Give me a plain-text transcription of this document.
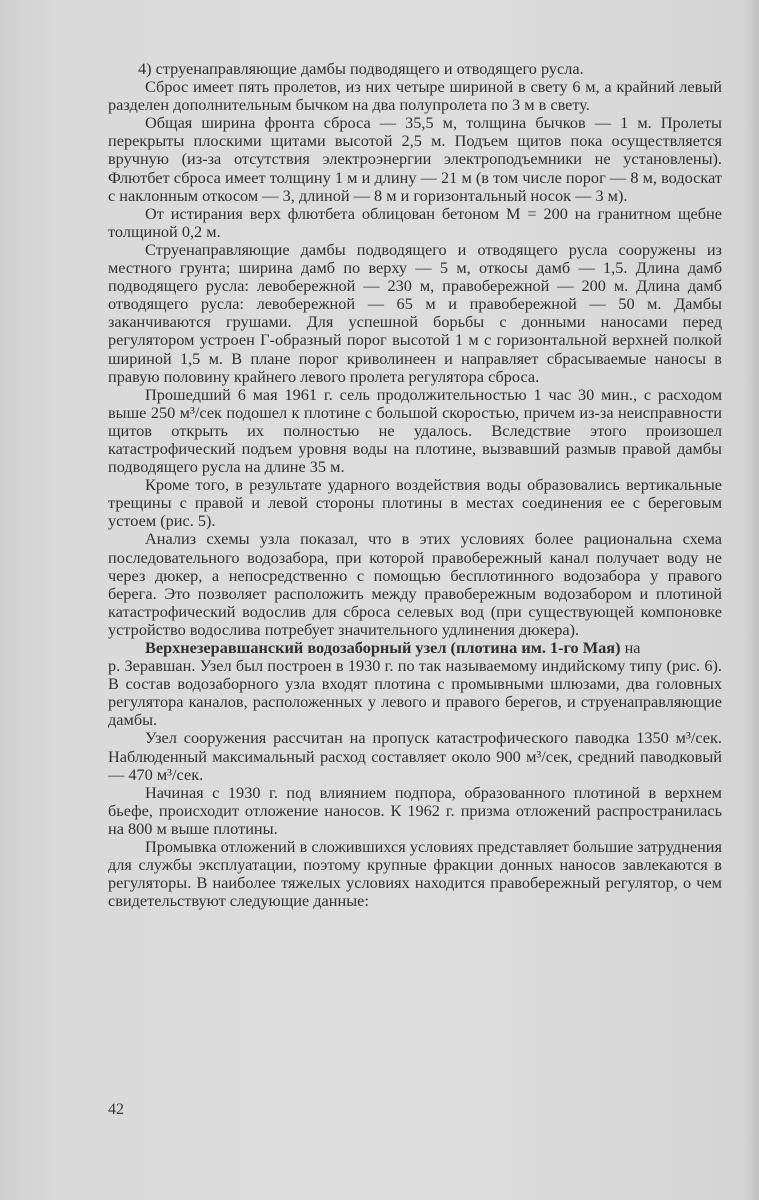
4) струенаправляющие дамбы подводящего и отводящего русла.

Сброс имеет пять пролетов, из них четыре шириной в свету 6 м, а крайний левый разделен дополнительным бычком на два полупролета по 3 м в свету.

Общая ширина фронта сброса — 35,5 м, толщина бычков — 1 м. Пролеты перекрыты плоскими щитами высотой 2,5 м. Подъем щитов пока осуществляется вручную (из-за отсутствия электроэнергии электроподъемники не установлены). Флютбет сброса имеет толщину 1 м и длину — 21 м (в том числе порог — 8 м, водоскат с наклонным откосом — 3, длиной — 8 м и горизонтальный носок — 3 м).

От истирания верх флютбета облицован бетоном М = 200 на гранитном щебне толщиной 0,2 м.

Струенаправляющие дамбы подводящего и отводящего русла сооружены из местного грунта; ширина дамб по верху — 5 м, откосы дамб — 1,5. Длина дамб подводящего русла: левобережной — 230 м, правобережной — 200 м. Длина дамб отводящего русла: левобережной — 65 м и правобережной — 50 м. Дамбы заканчиваются грушами. Для успешной борьбы с донными наносами перед регулятором устроен Г-образный порог высотой 1 м с горизонтальной верхней полкой шириной 1,5 м. В плане порог криволинеен и направляет сбрасываемые наносы в правую половину крайнего левого пролета регулятора сброса.

Прошедший 6 мая 1961 г. сель продолжительностью 1 час 30 мин., с расходом выше 250 м³/сек подошел к плотине с большой скоростью, причем из-за неисправности щитов открыть их полностью не удалось. Вследствие этого произошел катастрофический подъем уровня воды на плотине, вызвавший размыв правой дамбы подводящего русла на длине 35 м.

Кроме того, в результате ударного воздействия воды образовались вертикальные трещины с правой и левой стороны плотины в местах соединения ее с береговым устоем (рис. 5).

Анализ схемы узла показал, что в этих условиях более рациональна схема последовательного водозабора, при которой правобережный канал получает воду не через дюкер, а непосредственно с помощью бесплотинного водозабора у правого берега. Это позволяет расположить между правобережным водозабором и плотиной катастрофический водослив для сброса селевых вод (при существующей компоновке устройство водослива потребует значительного удлинения дюкера).

Верхнезеравшанский водозаборный узел (плотина им. 1-го Мая) на

р. Зеравшан. Узел был построен в 1930 г. по так называемому индийскому типу (рис. 6). В состав водозаборного узла входят плотина с промывными шлюзами, два головных регулятора каналов, расположенных у левого и правого берегов, и струенаправляющие дамбы.

Узел сооружения рассчитан на пропуск катастрофического паводка 1350 м³/сек. Наблюденный максимальный расход составляет около 900 м³/сек, средний паводковый — 470 м³/сек.

Начиная с 1930 г. под влиянием подпора, образованного плотиной в верхнем бьефе, происходит отложение наносов. К 1962 г. призма отложений распространилась на 800 м выше плотины.

Промывка отложений в сложившихся условиях представляет большие затруднения для службы эксплуатации, поэтому крупные фракции донных наносов завлекаются в регуляторы. В наиболее тяжелых условиях находится правобережный регулятор, о чем свидетельствуют следующие данные:

42
